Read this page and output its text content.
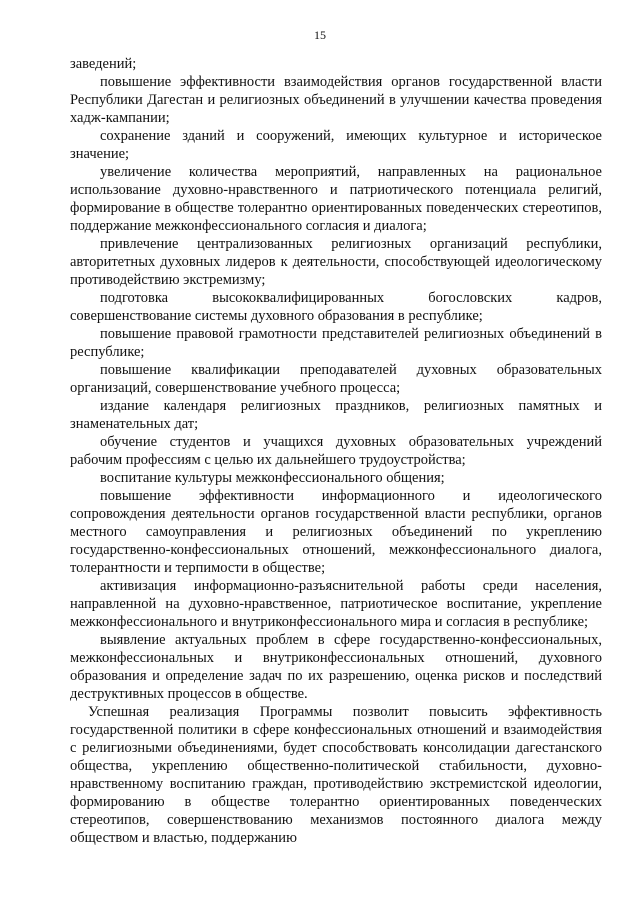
15

заведений;

повышение эффективности взаимодействия органов государственной власти Республики Дагестан и религиозных объединений в улучшении качества проведения хадж-кампании;

сохранение зданий и сооружений, имеющих культурное и историческое значение;

увеличение количества мероприятий, направленных на рациональное использование духовно-нравственного и патриотического потенциала религий, формирование в обществе толерантно ориентированных поведенческих стереотипов, поддержание межконфессионального согласия и диалога;

привлечение централизованных религиозных организаций республики, авторитетных духовных лидеров к деятельности, способствующей идеологическому противодействию экстремизму;

подготовка высококвалифицированных богословских кадров, совершенствование системы духовного образования в республике;

повышение правовой грамотности представителей религиозных объединений в республике;

повышение квалификации преподавателей духовных образовательных организаций, совершенствование учебного процесса;

издание календаря религиозных праздников, религиозных памятных и знаменательных дат;

обучение студентов и учащихся духовных образовательных учреждений рабочим профессиям с целью их дальнейшего трудоустройства;

воспитание культуры межконфессионального общения;

повышение эффективности информационного и идеологического сопровождения деятельности органов государственной власти республики, органов местного самоуправления и религиозных объединений по укреплению государственно-конфессиональных отношений, межконфессионального диалога, толерантности и терпимости в обществе;

активизация информационно-разъяснительной работы среди населения, направленной на духовно-нравственное, патриотическое воспитание, укрепление межконфессионального и внутриконфессионального мира и согласия в республике;

выявление актуальных проблем в сфере государственно-конфессиональных, межконфессиональных и внутриконфессиональных отношений, духовного образования и определение задач по их разрешению, оценка рисков и последствий деструктивных процессов в обществе.

Успешная реализация Программы позволит повысить эффективность государственной политики в сфере конфессиональных отношений и взаимодействия с религиозными объединениями, будет способствовать консолидации дагестанского общества, укреплению общественно-политической стабильности, духовно-нравственному воспитанию граждан, противодействию экстремистской идеологии, формированию в обществе толерантно ориентированных поведенческих стереотипов, совершенствованию механизмов постоянного диалога между обществом и властью, поддержанию
